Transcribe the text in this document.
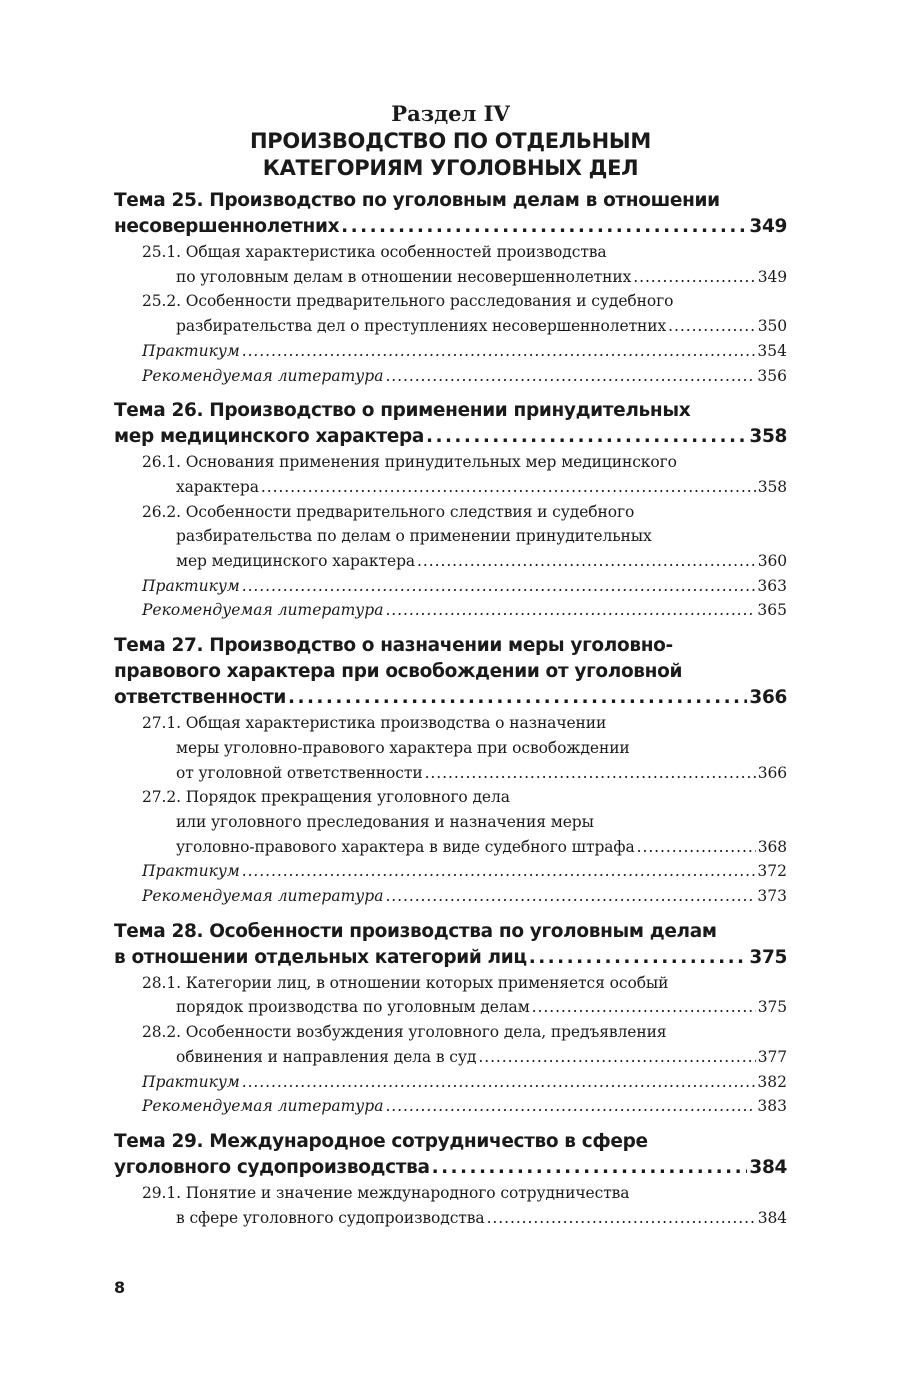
Раздел IV
ПРОИЗВОДСТВО ПО ОТДЕЛЬНЫМ
КАТЕГОРИЯМ УГОЛОВНЫХ ДЕЛ
Тема 25. Производство по уголовным делам в отношении
несовершеннолетних . . .	349
25.1. Общая характеристика особенностей производства
по уголовным делам в отношении несовершеннолетних . . .	349
25.2. Особенности предварительного расследования и судебного
разбирательства дел о преступлениях несовершеннолетних . . .	350
Практикум . . .	354
Рекомендуемая литература . . .	356
Тема 26. Производство о применении принудительных
мер медицинского характера . . .	358
26.1. Основания применения принудительных мер медицинского
характера . . .	358
26.2. Особенности предварительного следствия и судебного
разбирательства по делам о применении принудительных
мер медицинского характера . . .	360
Практикум . . .	363
Рекомендуемая литература . . .	365
Тема 27. Производство о назначении меры уголовно-
правового характера при освобождении от уголовной
ответственности . . .	366
27.1. Общая характеристика производства о назначении
меры уголовно-правового характера при освобождении
от уголовной ответственности . . .	366
27.2. Порядок прекращения уголовного дела
или уголовного преследования и назначения меры
уголовно-правового характера в виде судебного штрафа . . .	368
Практикум . . .	372
Рекомендуемая литература . . .	373
Тема 28. Особенности производства по уголовным делам
в отношении отдельных категорий лиц . . .	375
28.1. Категории лиц, в отношении которых применяется особый
порядок производства по уголовным делам . . .	375
28.2. Особенности возбуждения уголовного дела, предъявления
обвинения и направления дела в суд . . .	377
Практикум . . .	382
Рекомендуемая литература . . .	383
Тема 29. Международное сотрудничество в сфере
уголовного судопроизводства . . .	384
29.1. Понятие и значение международного сотрудничества
в сфере уголовного судопроизводства . . .	384
8
